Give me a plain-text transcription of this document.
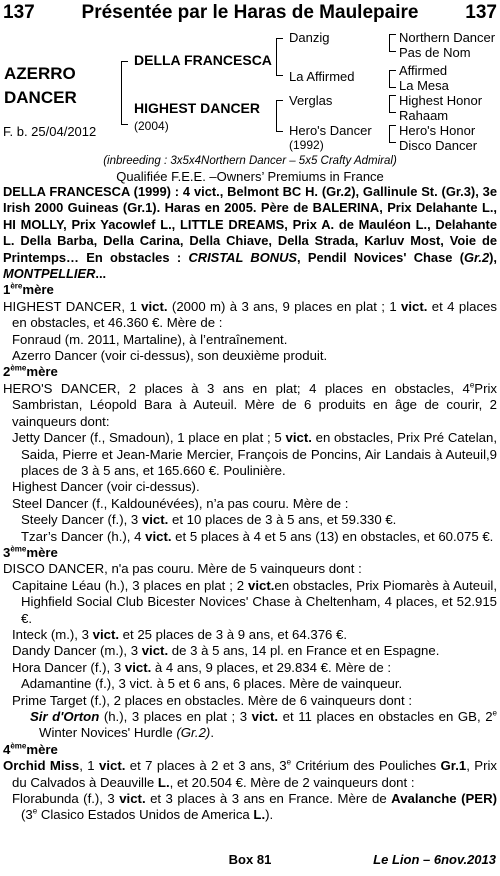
137	Présentée par le Haras de Maulepaire	137
AZERRO
DANCER
F. b. 25/04/2012
DELLA FRANCESCA
HIGHEST DANCER
(2004)
Danzig
La Affirmed
Verglas
Hero's Dancer
(1992)
Northern Dancer
Pas de Nom
Affirmed
La Mesa
Highest Honor
Rahaam
Hero's Honor
Disco Dancer
(inbreeding : 3x5x4Northern Dancer – 5x5 Crafty Admiral)
Qualifiée F.E.E. –Owners’ Premiums in France

DELLA FRANCESCA (1999) : 4 vict., Belmont BC H. (Gr.2), Gallinule St. (Gr.3), 3e Irish 2000 Guineas (Gr.1). Haras en 2005. Père de BALERINA, Prix Delahante L., HI MOLLY, Prix Yacowlef L., LITTLE DREAMS, Prix A. de Mauléon L., Delahante L. Della Barba, Della Carina, Della Chiave, Della Strada, Karluv Most, Voie de Printemps… En obstacles : CRISTAL BONUS, Pendil Novices' Chase (Gr.2), MONTPELLIER...

1èremère

HIGHEST DANCER, 1 vict. (2000 m) à 3 ans, 9 places en plat ; 1 vict. et 4 places en obstacles, et 46.360 €. Mère de :

Fonraud (m. 2011, Martaline), à l’entraînement.

Azerro Dancer (voir ci-dessus), son deuxième produit.

2èmemère

HERO'S DANCER, 2 places à 3 ans en plat; 4 places en obstacles, 4ePrix Sambristan, Léopold Bara à Auteuil. Mère de 6 produits en âge de courir, 2 vainqueurs dont:

Jetty Dancer (f., Smadoun), 1 place en plat ; 5 vict. en obstacles, Prix Pré Catelan, Saida, Pierre et Jean-Marie Mercier, François de Poncins, Air Landais à Auteuil,9 places de 3 à 5 ans, et 165.660 €. Poulinière.

Highest Dancer (voir ci-dessus).

Steel Dancer (f., Kaldounévées), n’a pas couru. Mère de :

Steely Dancer (f.), 3 vict. et 10 places de 3 à 5 ans, et 59.330 €.

Tzar’s Dancer (h.), 4 vict. et 5 places à 4 et 5 ans (13) en obstacles, et 60.075 €.

3èmemère

DISCO DANCER, n'a pas couru. Mère de 5 vainqueurs dont :

Capitaine Léau (h.), 3 places en plat ; 2 vict.en obstacles, Prix Piomarès à Auteuil, Highfield Social Club Bicester Novices' Chase à Cheltenham, 4 places, et 52.915 €.

Inteck (m.), 3 vict. et 25 places de 3 à 9 ans, et 64.376 €.

Dandy Dancer (m.), 3 vict. de 3 à 5 ans, 14 pl. en France et en Espagne.

Hora Dancer (f.), 3 vict. à 4 ans, 9 places, et 29.834 €. Mère de :

Adamantine (f.), 3 vict. à 5 et 6 ans, 6 places. Mère de vainqueur.

Prime Target (f.), 2 places en obstacles. Mère de 6 vainqueurs dont :

Sir d'Orton (h.), 3 places en plat ; 3 vict. et 11 places en obstacles en GB, 2e Winter Novices' Hurdle (Gr.2).

4èmemère

Orchid Miss, 1 vict. et 7 places à 2 et 3 ans, 3e Critérium des Pouliches Gr.1, Prix du Calvados à Deauville L., et 20.504 €. Mère de 2 vainqueurs dont :

Florabunda (f.), 3 vict. et 3 places à 3 ans en France. Mère de Avalanche (PER) (3e Clasico Estados Unidos de America L.).

Box 81	Le Lion – 6nov.2013
